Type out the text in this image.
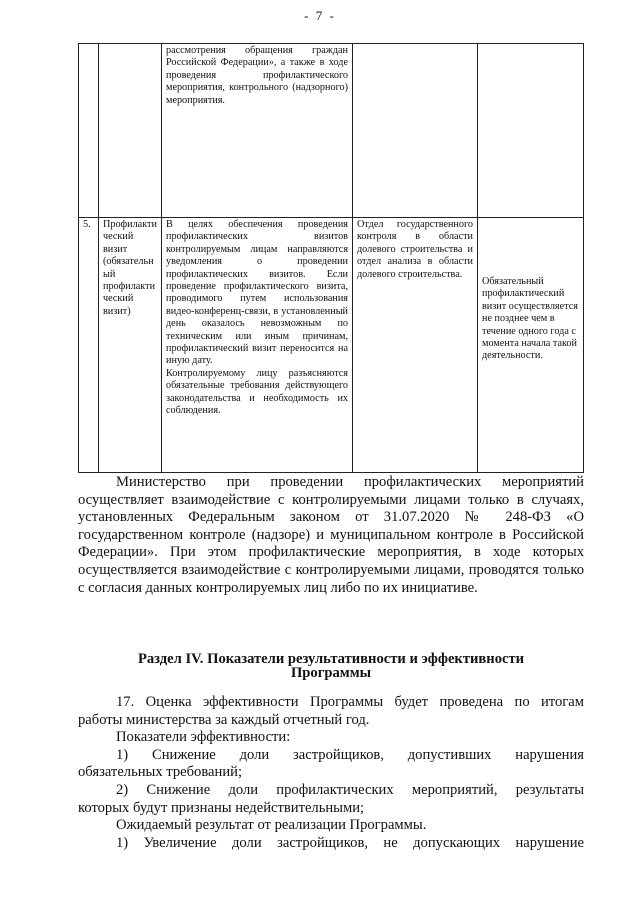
- 7 -
		рассмотрения обращения граждан Российской Федерации», а также в ходе проведения профилактического мероприятия, контрольного (надзорного) мероприятия.		
5.	Профилактический визит (обязательный профилактический визит)	В целях обеспечения проведения профилактических визитов контролируемым лицам направляются уведомления о проведении профилактических визитов. Если проведение профилактического визита, проводимого путем использования видео-конференц-связи, в установленный день оказалось невозможным по техническим или иным причинам, профилактический визит переносится на иную дату.
Контролируемому лицу разъясняются обязательные требования действующего законодательства и необходимость их соблюдения.	Отдел государственного контроля в области долевого строительства и отдел анализа в области долевого строительства.	Обязательный профилактический визит осуществляется не позднее чем в течение одного года с момента начала такой деятельности.
Министерство при проведении профилактических мероприятий осуществляет взаимодействие с контролируемыми лицами только в случаях, установленных Федеральным законом от 31.07.2020 № 248-ФЗ «О государственном контроле (надзоре) и муниципальном контроле в Российской Федерации». При этом профилактические мероприятия, в ходе которых осуществляется взаимодействие с контролируемыми лицами, проводятся только с согласия данных контролируемых лиц либо по их инициативе.
Раздел IV. Показатели результативности и эффективности
Программы
17. Оценка эффективности Программы будет проведена по итогам
работы министерства за каждый отчетный год.
Показатели эффективности:
1) Снижение доли застройщиков, допустивших нарушения
обязательных требований;
2) Снижение доли профилактических мероприятий, результаты
которых будут признаны недействительными;
Ожидаемый результат от реализации Программы.
1) Увеличение доли застройщиков, не допускающих нарушение
